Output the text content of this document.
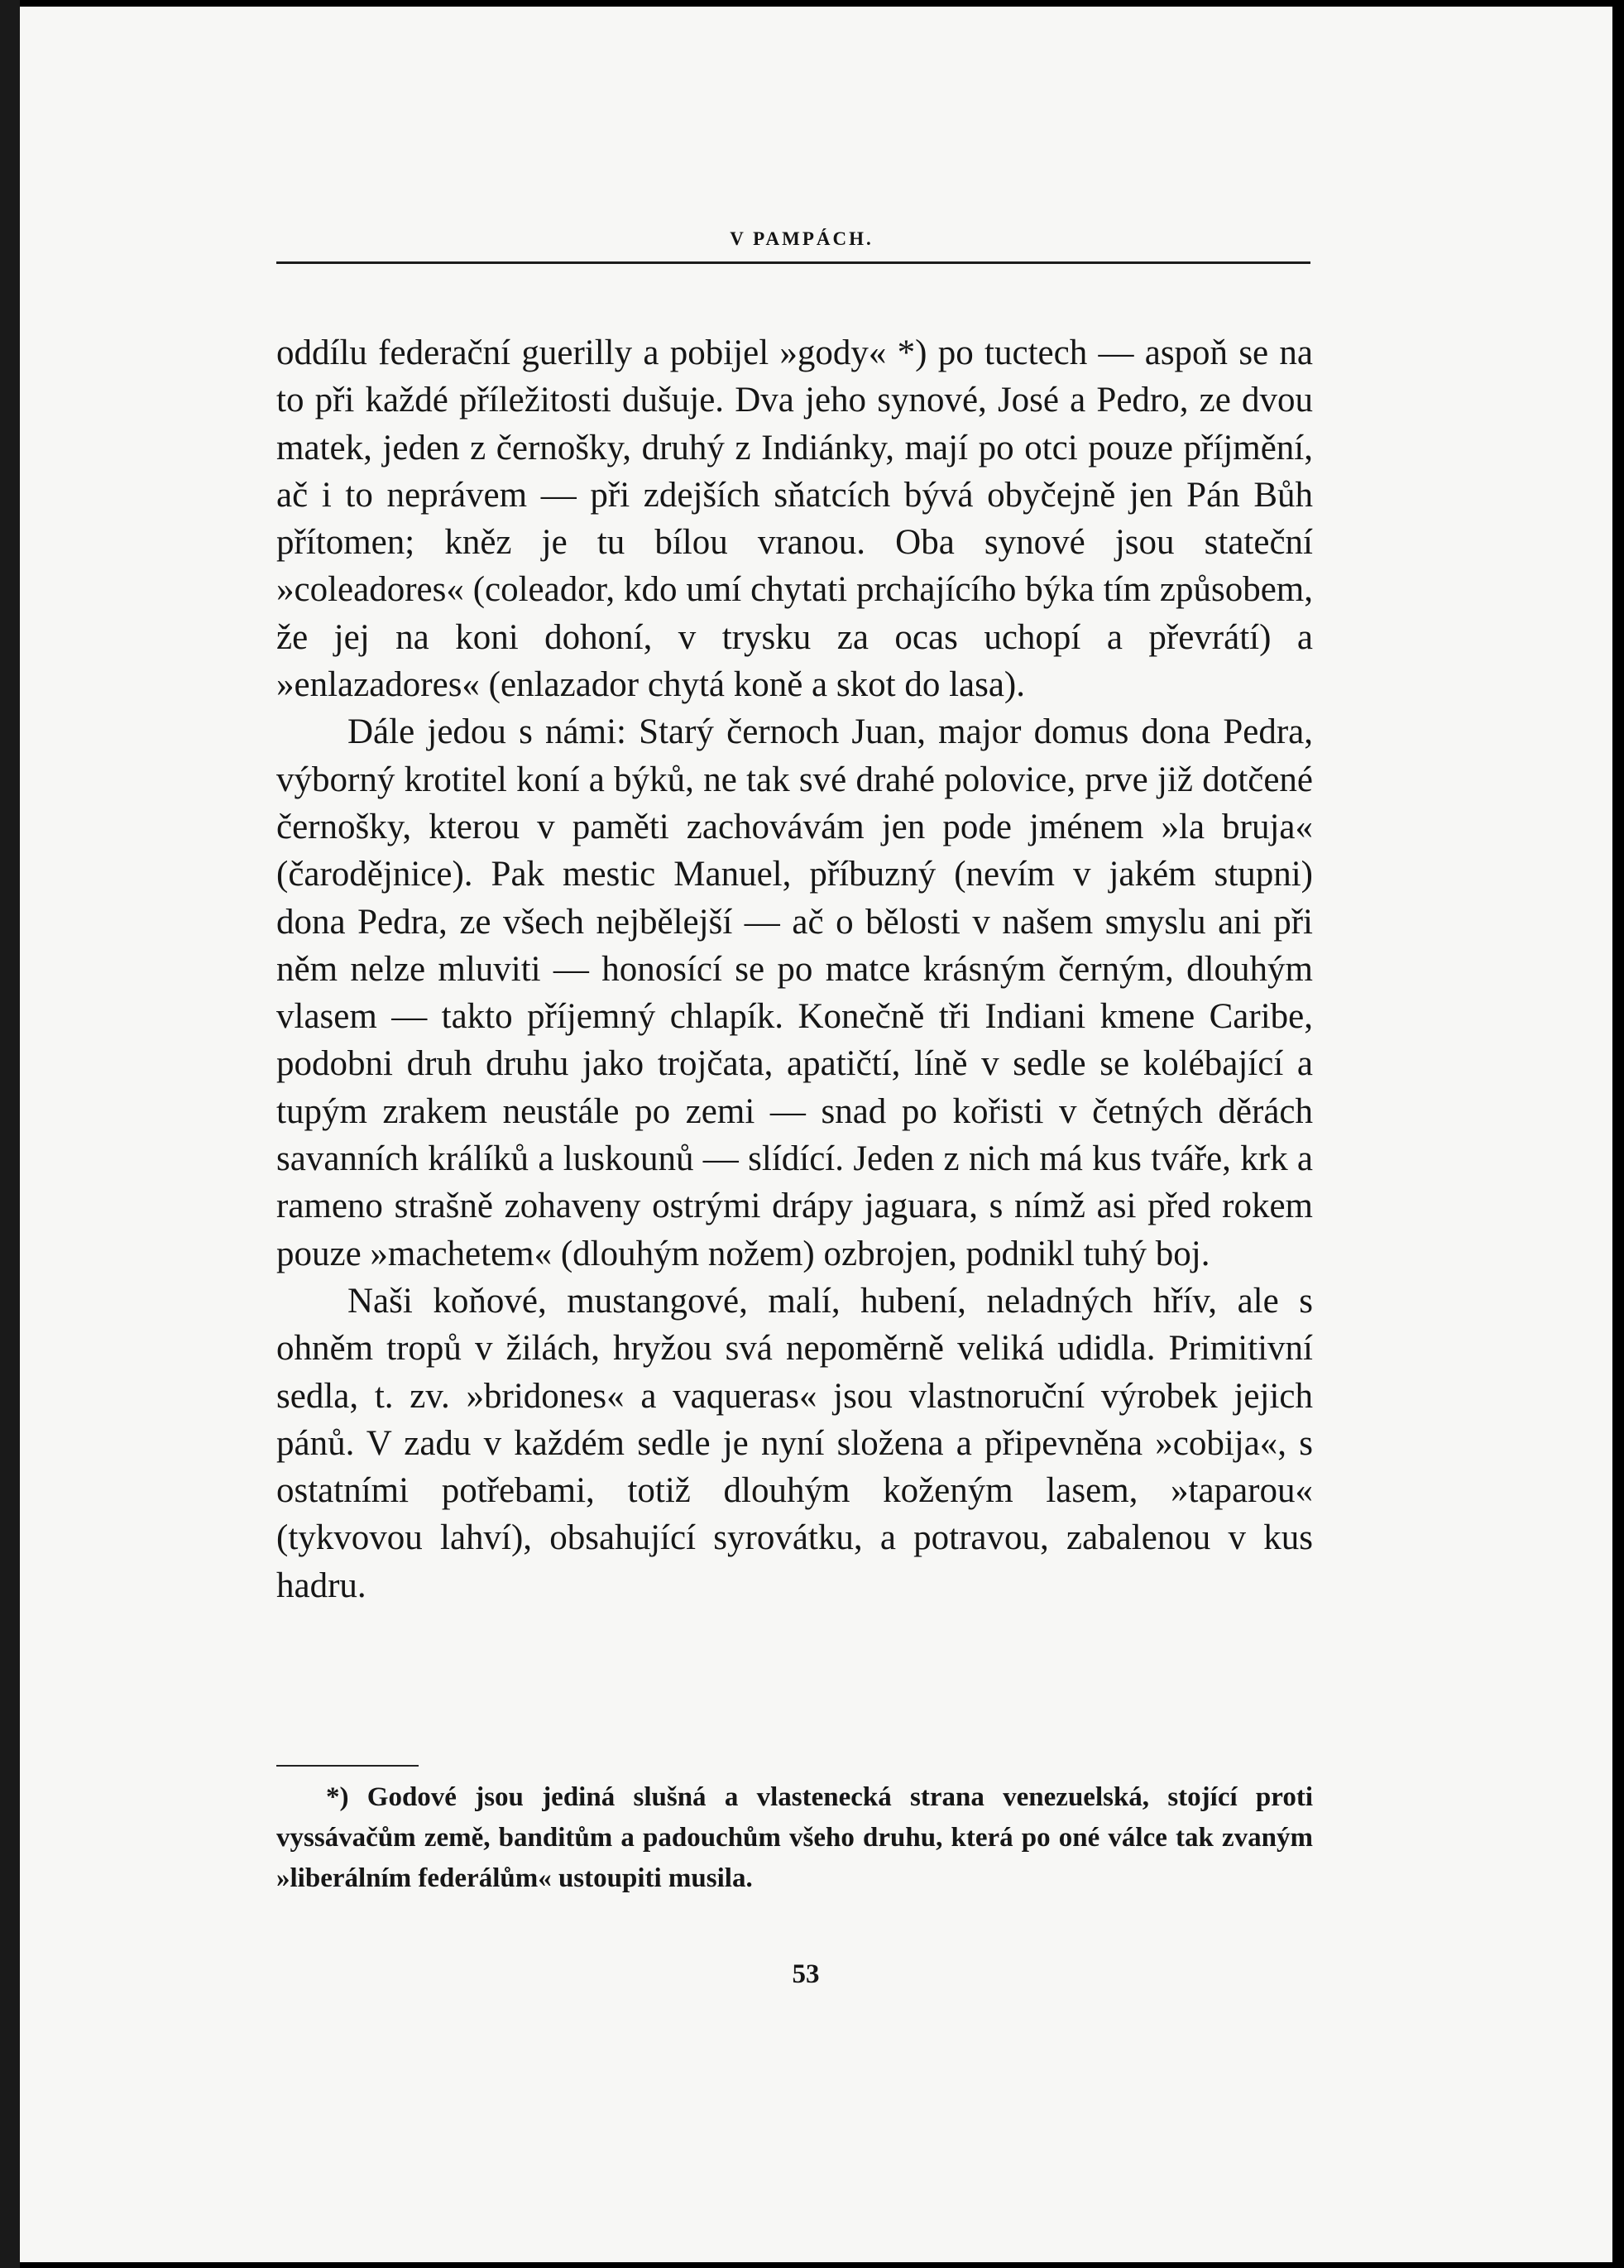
V PAMPÁCH.

oddílu federační guerilly a pobijel »gody« *) po tuctech — aspoň se na to při každé příležitosti dušuje. Dva jeho synové, José a Pedro, ze dvou matek, jeden z černošky, druhý z Indiánky, mají po otci pouze příjmění, ač i to neprávem — při zdejších sňatcích bývá obyčejně jen Pán Bůh přítomen; kněz je tu bílou vranou. Oba synové jsou stateční »coleadores« (coleador, kdo umí chytati prchajícího býka tím způsobem, že jej na koni dohoní, v trysku za ocas uchopí a převrátí) a »enlazadores« (enlazador chytá koně a skot do lasa).

Dále jedou s námi: Starý černoch Juan, major domus dona Pedra, výborný krotitel koní a býků, ne tak své drahé polovice, prve již dotčené černošky, kterou v paměti zachovávám jen pode jménem »la bruja« (čarodějnice). Pak mestic Manuel, příbuzný (nevím v jakém stupni) dona Pedra, ze všech nejbělejší — ač o bělosti v našem smyslu ani při něm nelze mluviti — honosící se po matce krásným černým, dlouhým vlasem — takto příjemný chlapík. Konečně tři Indiani kmene Caribe, podobni druh druhu jako trojčata, apatičtí, líně v sedle se kolébající a tupým zrakem neustále po zemi — snad po kořisti v četných děrách savanních králíků a luskounů — slídící. Jeden z nich má kus tváře, krk a rameno strašně zohaveny ostrými drápy jaguara, s nímž asi před rokem pouze »machetem« (dlouhým nožem) ozbrojen, podnikl tuhý boj.

Naši koňové, mustangové, malí, hubení, neladných hřív, ale s ohněm tropů v žilách, hryžou svá nepoměrně veliká udidla. Primitivní sedla, t. zv. »bridones« a vaqueras« jsou vlastnoruční výrobek jejich pánů. V zadu v každém sedle je nyní složena a připevněna »cobija«, s ostatními potřebami, totiž dlouhým koženým lasem, »taparou« (tykvovou lahví), obsahující syrovátku, a potravou, zabalenou v kus hadru.

*) Godové jsou jediná slušná a vlastenecká strana venezuelská, stojící proti vyssávačům země, banditům a padouchům všeho druhu, která po oné válce tak zvaným »liberálním federálům« ustoupiti musila.
53
